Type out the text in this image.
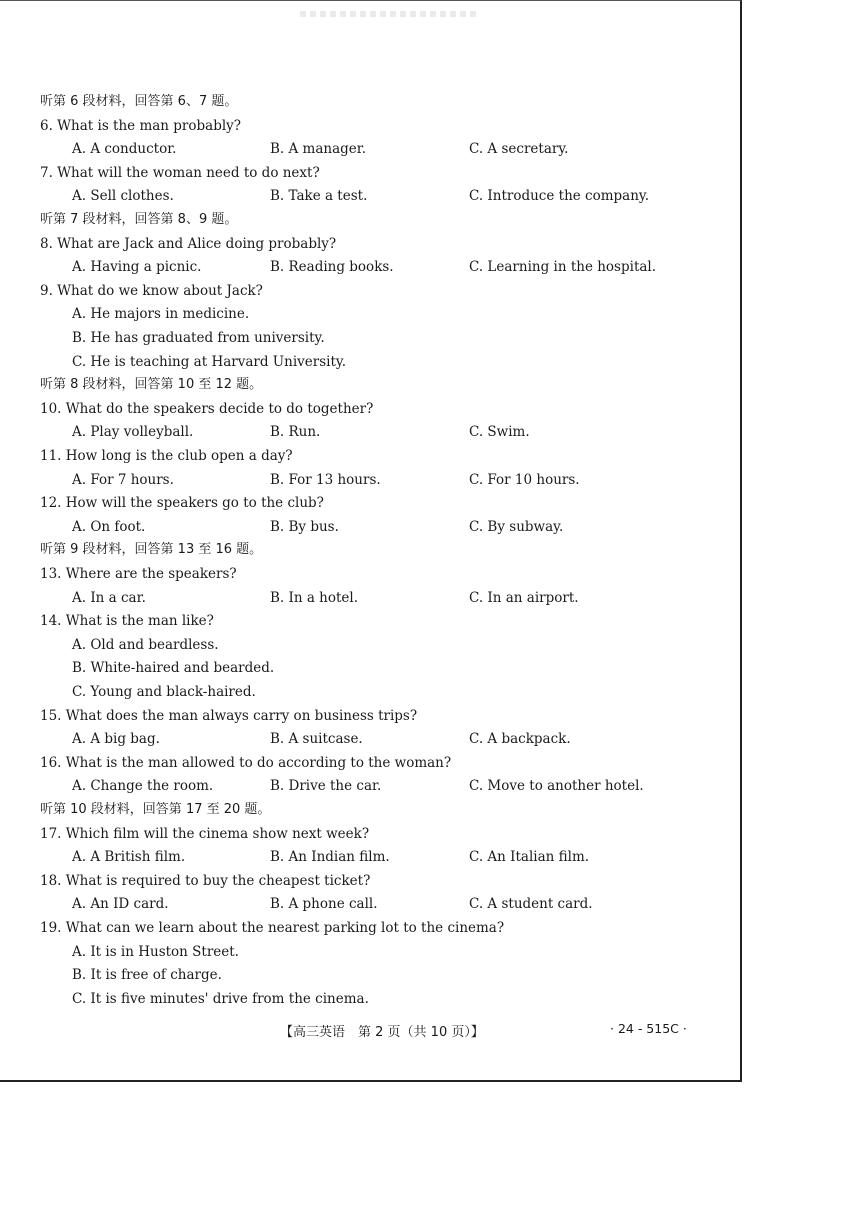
听第 6 段材料，回答第 6、7 题。
6. What is the man probably?
A. A conductor.	B. A manager.	C. A secretary.
7. What will the woman need to do next?
A. Sell clothes.	B. Take a test.	C. Introduce the company.
听第 7 段材料，回答第 8、9 题。
8. What are Jack and Alice doing probably?
A. Having a picnic.	B. Reading books.	C. Learning in the hospital.
9. What do we know about Jack?
A. He majors in medicine.
B. He has graduated from university.
C. He is teaching at Harvard University.
听第 8 段材料，回答第 10 至 12 题。
10. What do the speakers decide to do together?
A. Play volleyball.	B. Run.	C. Swim.
11. How long is the club open a day?
A. For 7 hours.	B. For 13 hours.	C. For 10 hours.
12. How will the speakers go to the club?
A. On foot.	B. By bus.	C. By subway.
听第 9 段材料，回答第 13 至 16 题。
13. Where are the speakers?
A. In a car.	B. In a hotel.	C. In an airport.
14. What is the man like?
A. Old and beardless.
B. White-haired and bearded.
C. Young and black-haired.
15. What does the man always carry on business trips?
A. A big bag.	B. A suitcase.	C. A backpack.
16. What is the man allowed to do according to the woman?
A. Change the room.	B. Drive the car.	C. Move to another hotel.
听第 10 段材料，回答第 17 至 20 题。
17. Which film will the cinema show next week?
A. A British film.	B. An Indian film.	C. An Italian film.
18. What is required to buy the cheapest ticket?
A. An ID card.	B. A phone call.	C. A student card.
19. What can we learn about the nearest parking lot to the cinema?
A. It is in Huston Street.
B. It is free of charge.
C. It is five minutes' drive from the cinema.
【高三英语　第 2 页（共 10 页）】	· 24 - 515C ·
